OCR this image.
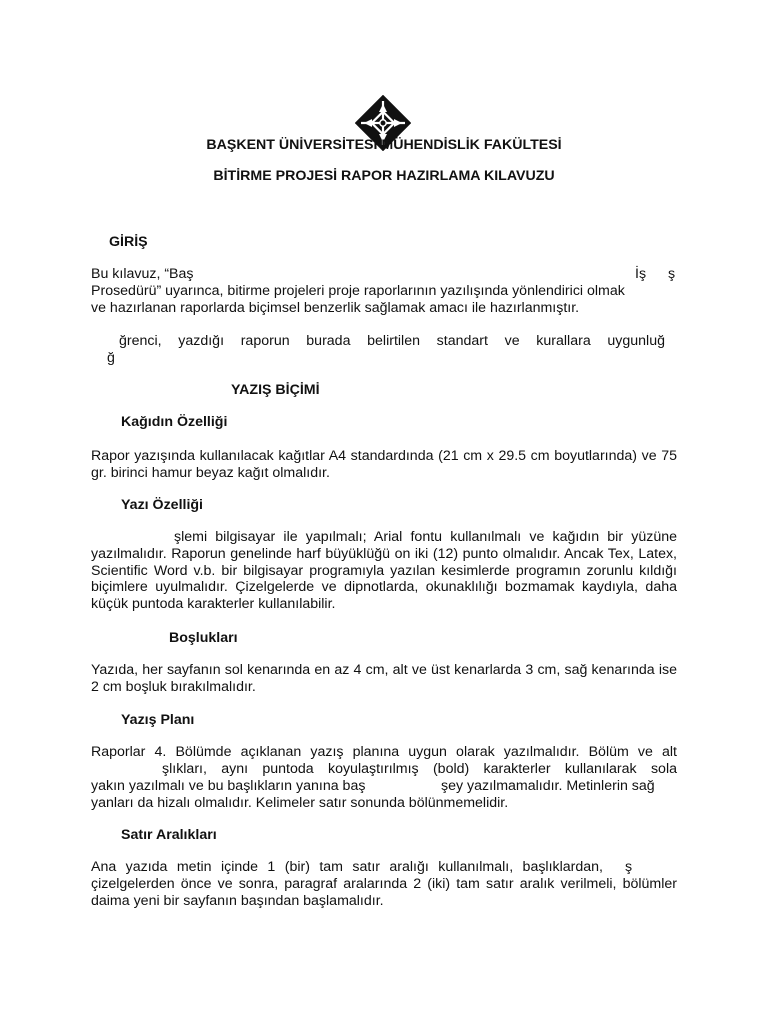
BAŞKENT ÜNİVERSİTESİ MÜHENDİSLİK FAKÜLTESİ
BİTİRME PROJESİ RAPOR HAZIRLAMA KILAVUZU
GİRİŞ
Bu kılavuz, “Baş	İş ş
Prosedürü” uyarınca, bitirme projeleri proje raporlarının yazılışında yönlendirici olmak
ve hazırlanan raporlarda biçimsel benzerlik sağlamak amacı ile hazırlanmıştır.
ğrenci, yazdığı raporun burada belirtilen standart ve kurallara uygunluğ
ğ
YAZIŞ BİÇİMİ
Kağıdın Özelliği
Rapor yazışında kullanılacak kağıtlar A4 standardında (21 cm x 29.5 cm boyutlarında) ve 75 gr. birinci hamur beyaz kağıt olmalıdır.
Yazı Özelliği
şlemi bilgisayar ile yapılmalı; Arial fontu kullanılmalı ve kağıdın bir yüzüne
yazılmalıdır. Raporun genelinde harf büyüklüğü on iki (12) punto olmalıdır. Ancak Tex, Latex, Scientific Word v.b. bir bilgisayar programıyla yazılan kesimlerde programın zorunlu kıldığı biçimlere uyulmalıdır. Çizelgelerde ve dipnotlarda, okunaklılığı bozmamak kaydıyla, daha küçük puntoda karakterler kullanılabilir.
Boşlukları
Yazıda, her sayfanın sol kenarında en az 4 cm, alt ve üst kenarlarda 3 cm, sağ kenarında ise 2 cm boşluk bırakılmalıdır.
Yazış Planı
Raporlar 4. Bölümde açıklanan yazış planına uygun olarak yazılmalıdır. Bölüm ve alt
şlıkları, aynı puntoda koyulaştırılmış (bold) karakterler kullanılarak sola
yakın yazılmalı ve bu başlıkların yanına baş	şey yazılmamalıdır. Metinlerin sağ
yanları da hizalı olmalıdır. Kelimeler satır sonunda bölünmemelidir.
Satır Aralıkları
Ana yazıda metin içinde 1 (bir) tam satır aralığı kullanılmalı, başlıklardan, ş
çizelgelerden önce ve sonra, paragraf aralarında 2 (iki) tam satır aralık verilmeli, bölümler daima yeni bir sayfanın başından başlamalıdır.
